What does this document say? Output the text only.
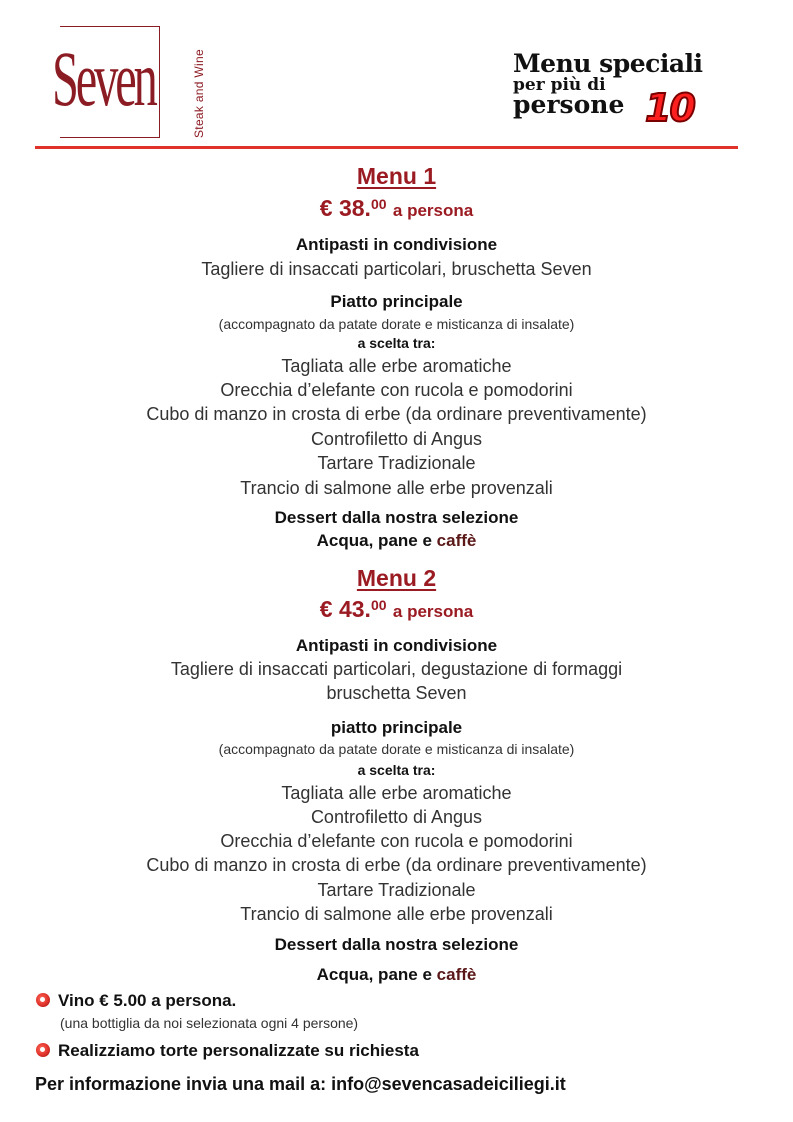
Seven	Steak and Wine	Menu speciali
per più di
persone 10
Menu 1
€ 38.00 a persona
Antipasti in condivisione
Tagliere di insaccati particolari, bruschetta Seven
Piatto principale
(accompagnato da patate dorate e misticanza di insalate)
a scelta tra:
Tagliata alle erbe aromatiche
Orecchia d’elefante con rucola e pomodorini
Cubo di manzo in crosta di erbe (da ordinare preventivamente)
Controfiletto di Angus
Tartare Tradizionale
Trancio di salmone alle erbe provenzali
Dessert dalla nostra selezione
Acqua, pane e caffè
Menu 2
€ 43.00 a persona
Antipasti in condivisione
Tagliere di insaccati particolari, degustazione di formaggi
bruschetta Seven
piatto principale
(accompagnato da patate dorate e misticanza di insalate)
a scelta tra:
Tagliata alle erbe aromatiche
Controfiletto di Angus
Orecchia d’elefante con rucola e pomodorini
Cubo di manzo in crosta di erbe (da ordinare preventivamente)
Tartare Tradizionale
Trancio di salmone alle erbe provenzali
Dessert dalla nostra selezione
Acqua, pane e caffè
Vino € 5.00 a persona.
(una bottiglia da noi selezionata ogni 4 persone)
Realizziamo torte personalizzate su richiesta
Per informazione invia una mail a: info@sevencasadeiciliegi.it
